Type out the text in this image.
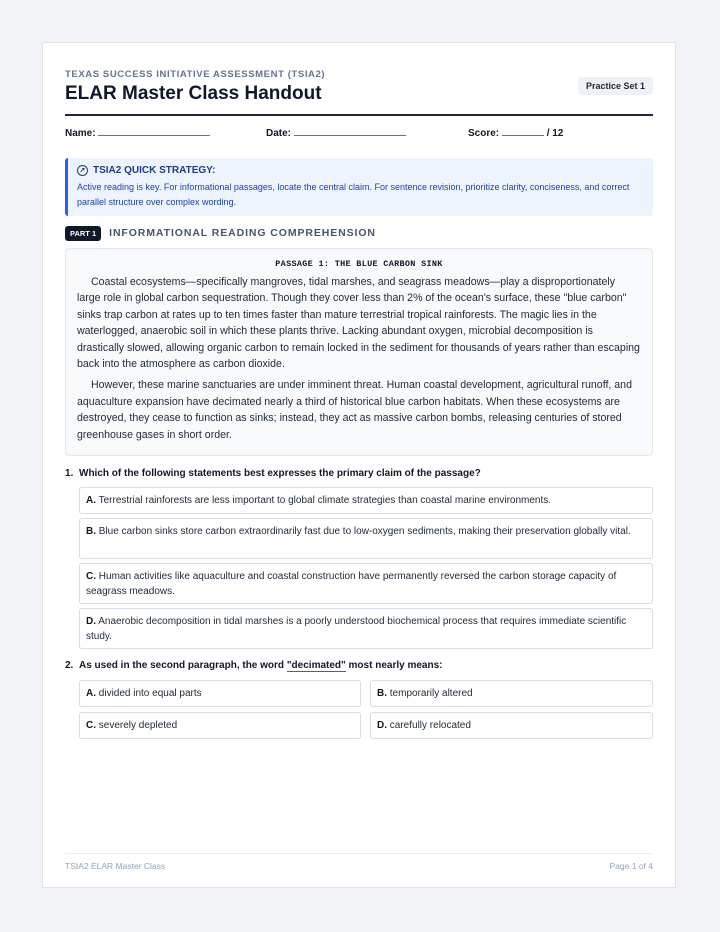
TEXAS SUCCESS INITIATIVE ASSESSMENT (TSIA2)
ELAR Master Class Handout	Practice Set 1
Name:	Date:	Score:	/ 12
➚ TSIA2 QUICK STRATEGY:
Active reading is key. For informational passages, locate the central claim. For sentence revision, prioritize clarity, conciseness, and correct parallel structure over complex wording.
PART 1	INFORMATIONAL READING COMPREHENSION
PASSAGE 1: THE BLUE CARBON SINK

Coastal ecosystems—specifically mangroves, tidal marshes, and seagrass meadows—play a disproportionately large role in global carbon sequestration. Though they cover less than 2% of the ocean's surface, these "blue carbon" sinks trap carbon at rates up to ten times faster than mature terrestrial tropical rainforests. The magic lies in the waterlogged, anaerobic soil in which these plants thrive. Lacking abundant oxygen, microbial decomposition is drastically slowed, allowing organic carbon to remain locked in the sediment for thousands of years rather than escaping back into the atmosphere as carbon dioxide.

However, these marine sanctuaries are under imminent threat. Human coastal development, agricultural runoff, and aquaculture expansion have decimated nearly a third of historical blue carbon habitats. When these ecosystems are destroyed, they cease to function as sinks; instead, they act as massive carbon bombs, releasing centuries of stored greenhouse gases in short order.

1. Which of the following statements best expresses the primary claim of the passage?
A. Terrestrial rainforests are less important to global climate strategies than coastal marine environments.
B. Blue carbon sinks store carbon extraordinarily fast due to low-oxygen sediments, making their preservation globally vital.
C. Human activities like aquaculture and coastal construction have permanently reversed the carbon storage capacity of seagrass meadows.
D. Anaerobic decomposition in tidal marshes is a poorly understood biochemical process that requires immediate scientific study.
2. As used in the second paragraph, the word "decimated" most nearly means:
A. divided into equal parts	B. temporarily altered
C. severely depleted	D. carefully relocated
TSIA2 ELAR Master Class	Page 1 of 4
